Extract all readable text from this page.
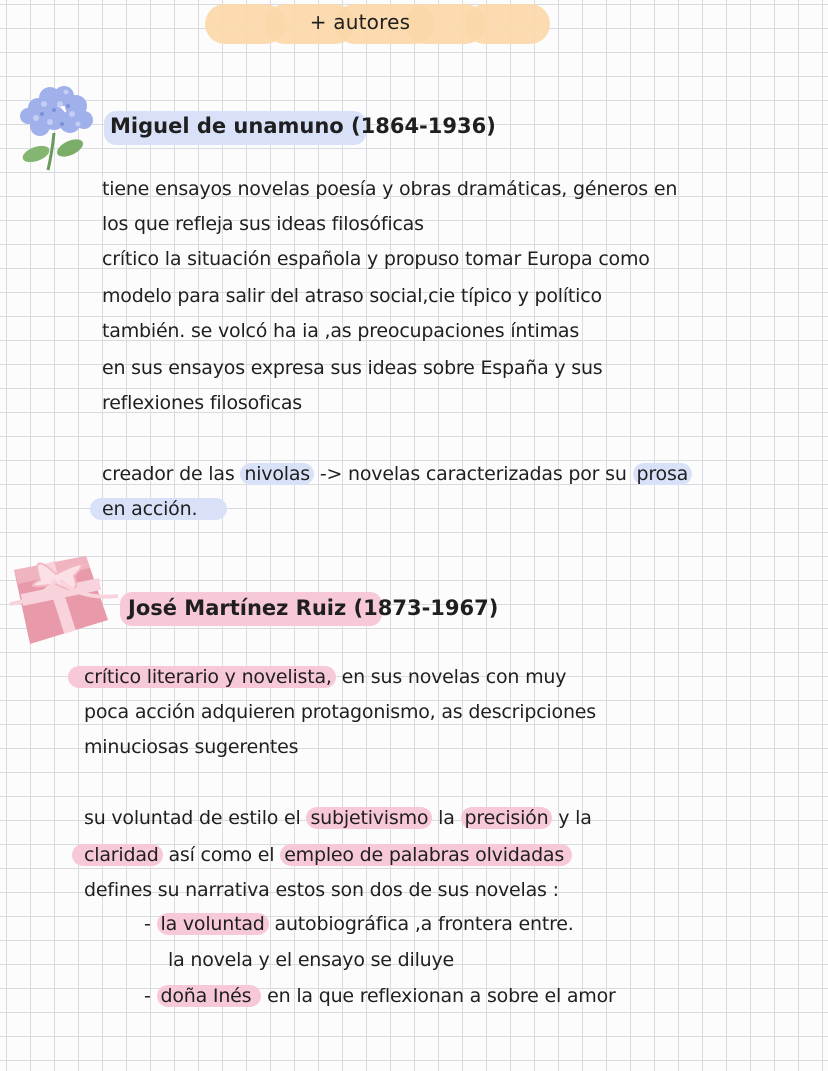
+ autores
Miguel de unamuno (1864-1936)
tiene ensayos novelas poesía y obras dramáticas, géneros en
los que refleja sus ideas filosóficas
crítico la situación española y propuso tomar Europa como
modelo para salir del atraso social,cie típico y político
también. se volcó ha ia ,as preocupaciones íntimas
en sus ensayos expresa sus ideas sobre España y sus
reflexiones filosoficas
creador de las nivolas -> novelas caracterizadas por su prosa
en acción.
José Martínez Ruiz (1873-1967)
crítico literario y novelista, en sus novelas con muy
poca acción adquieren protagonismo, as descripciones
minuciosas sugerentes
su voluntad de estilo el subjetivismo la precisión y la
claridad así como el empleo de palabras olvidadas
defines su narrativa estos son dos de sus novelas :
- la voluntad autobiográfica ,a frontera entre.
la novela y el ensayo se diluye
- doña Inés en la que reflexionan a sobre el amor
